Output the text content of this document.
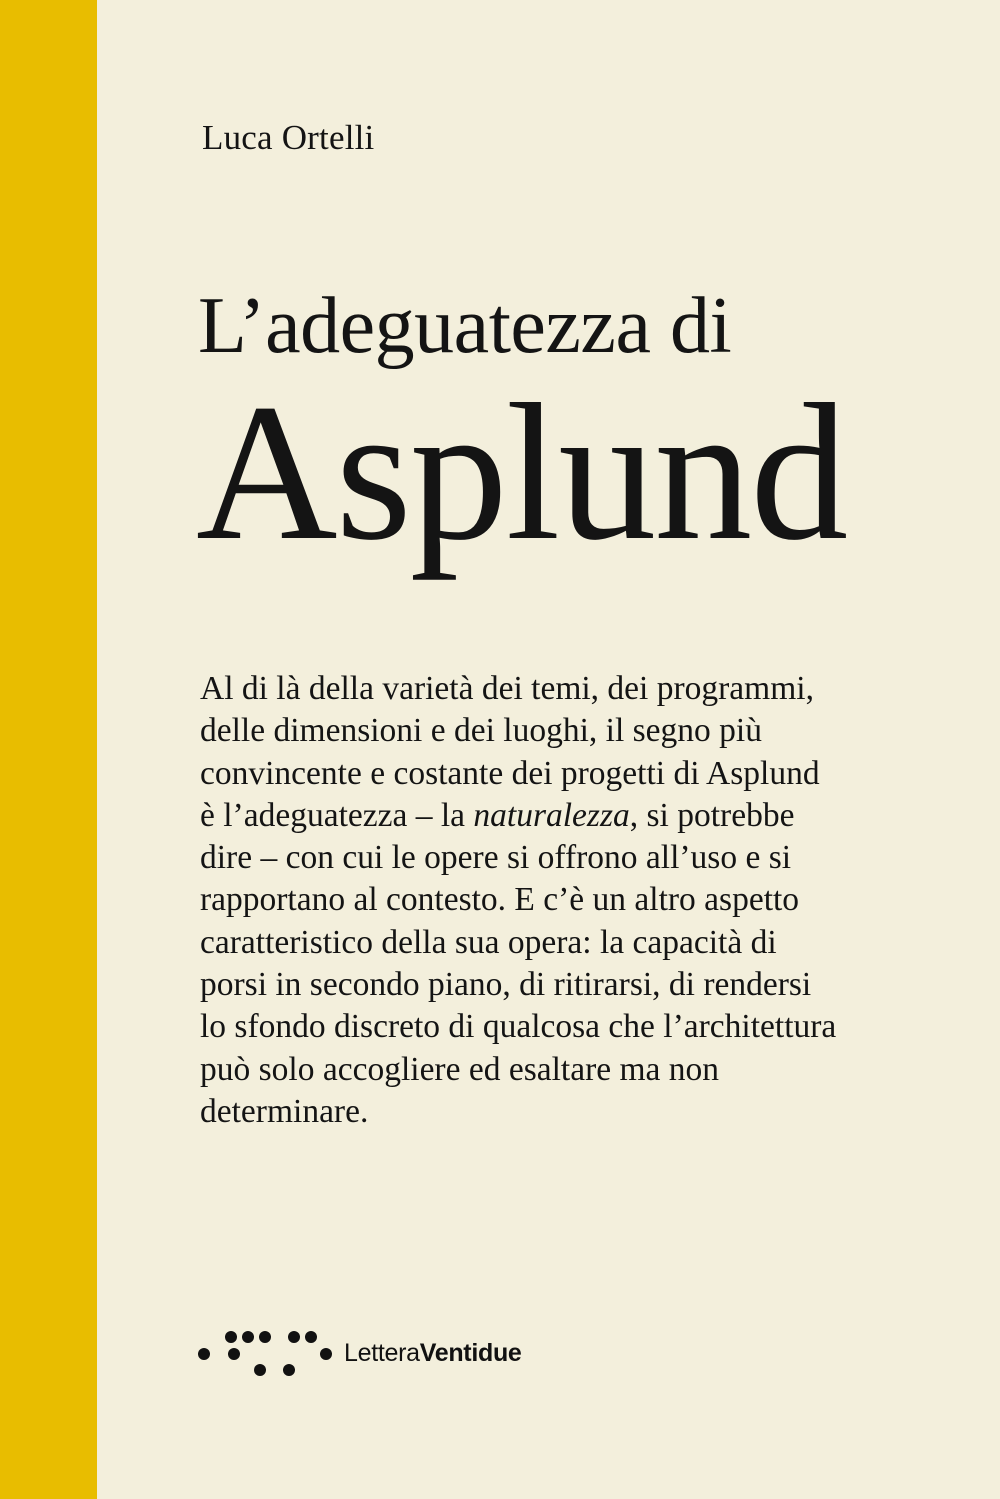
Luca Ortelli
L’adeguatezza di
Asplund
Al di là della varietà dei temi, dei programmi,
delle dimensioni e dei luoghi, il segno più
convincente e costante dei progetti di Asplund
è l’adeguatezza – la naturalezza, si potrebbe
dire – con cui le opere si offrono all’uso e si
rapportano al contesto. E c’è un altro aspetto
caratteristico della sua opera: la capacità di
porsi in secondo piano, di ritirarsi, di rendersi
lo sfondo discreto di qualcosa che l’architettura
può solo accogliere ed esaltare ma non
determinare.
LetteraVentidue
